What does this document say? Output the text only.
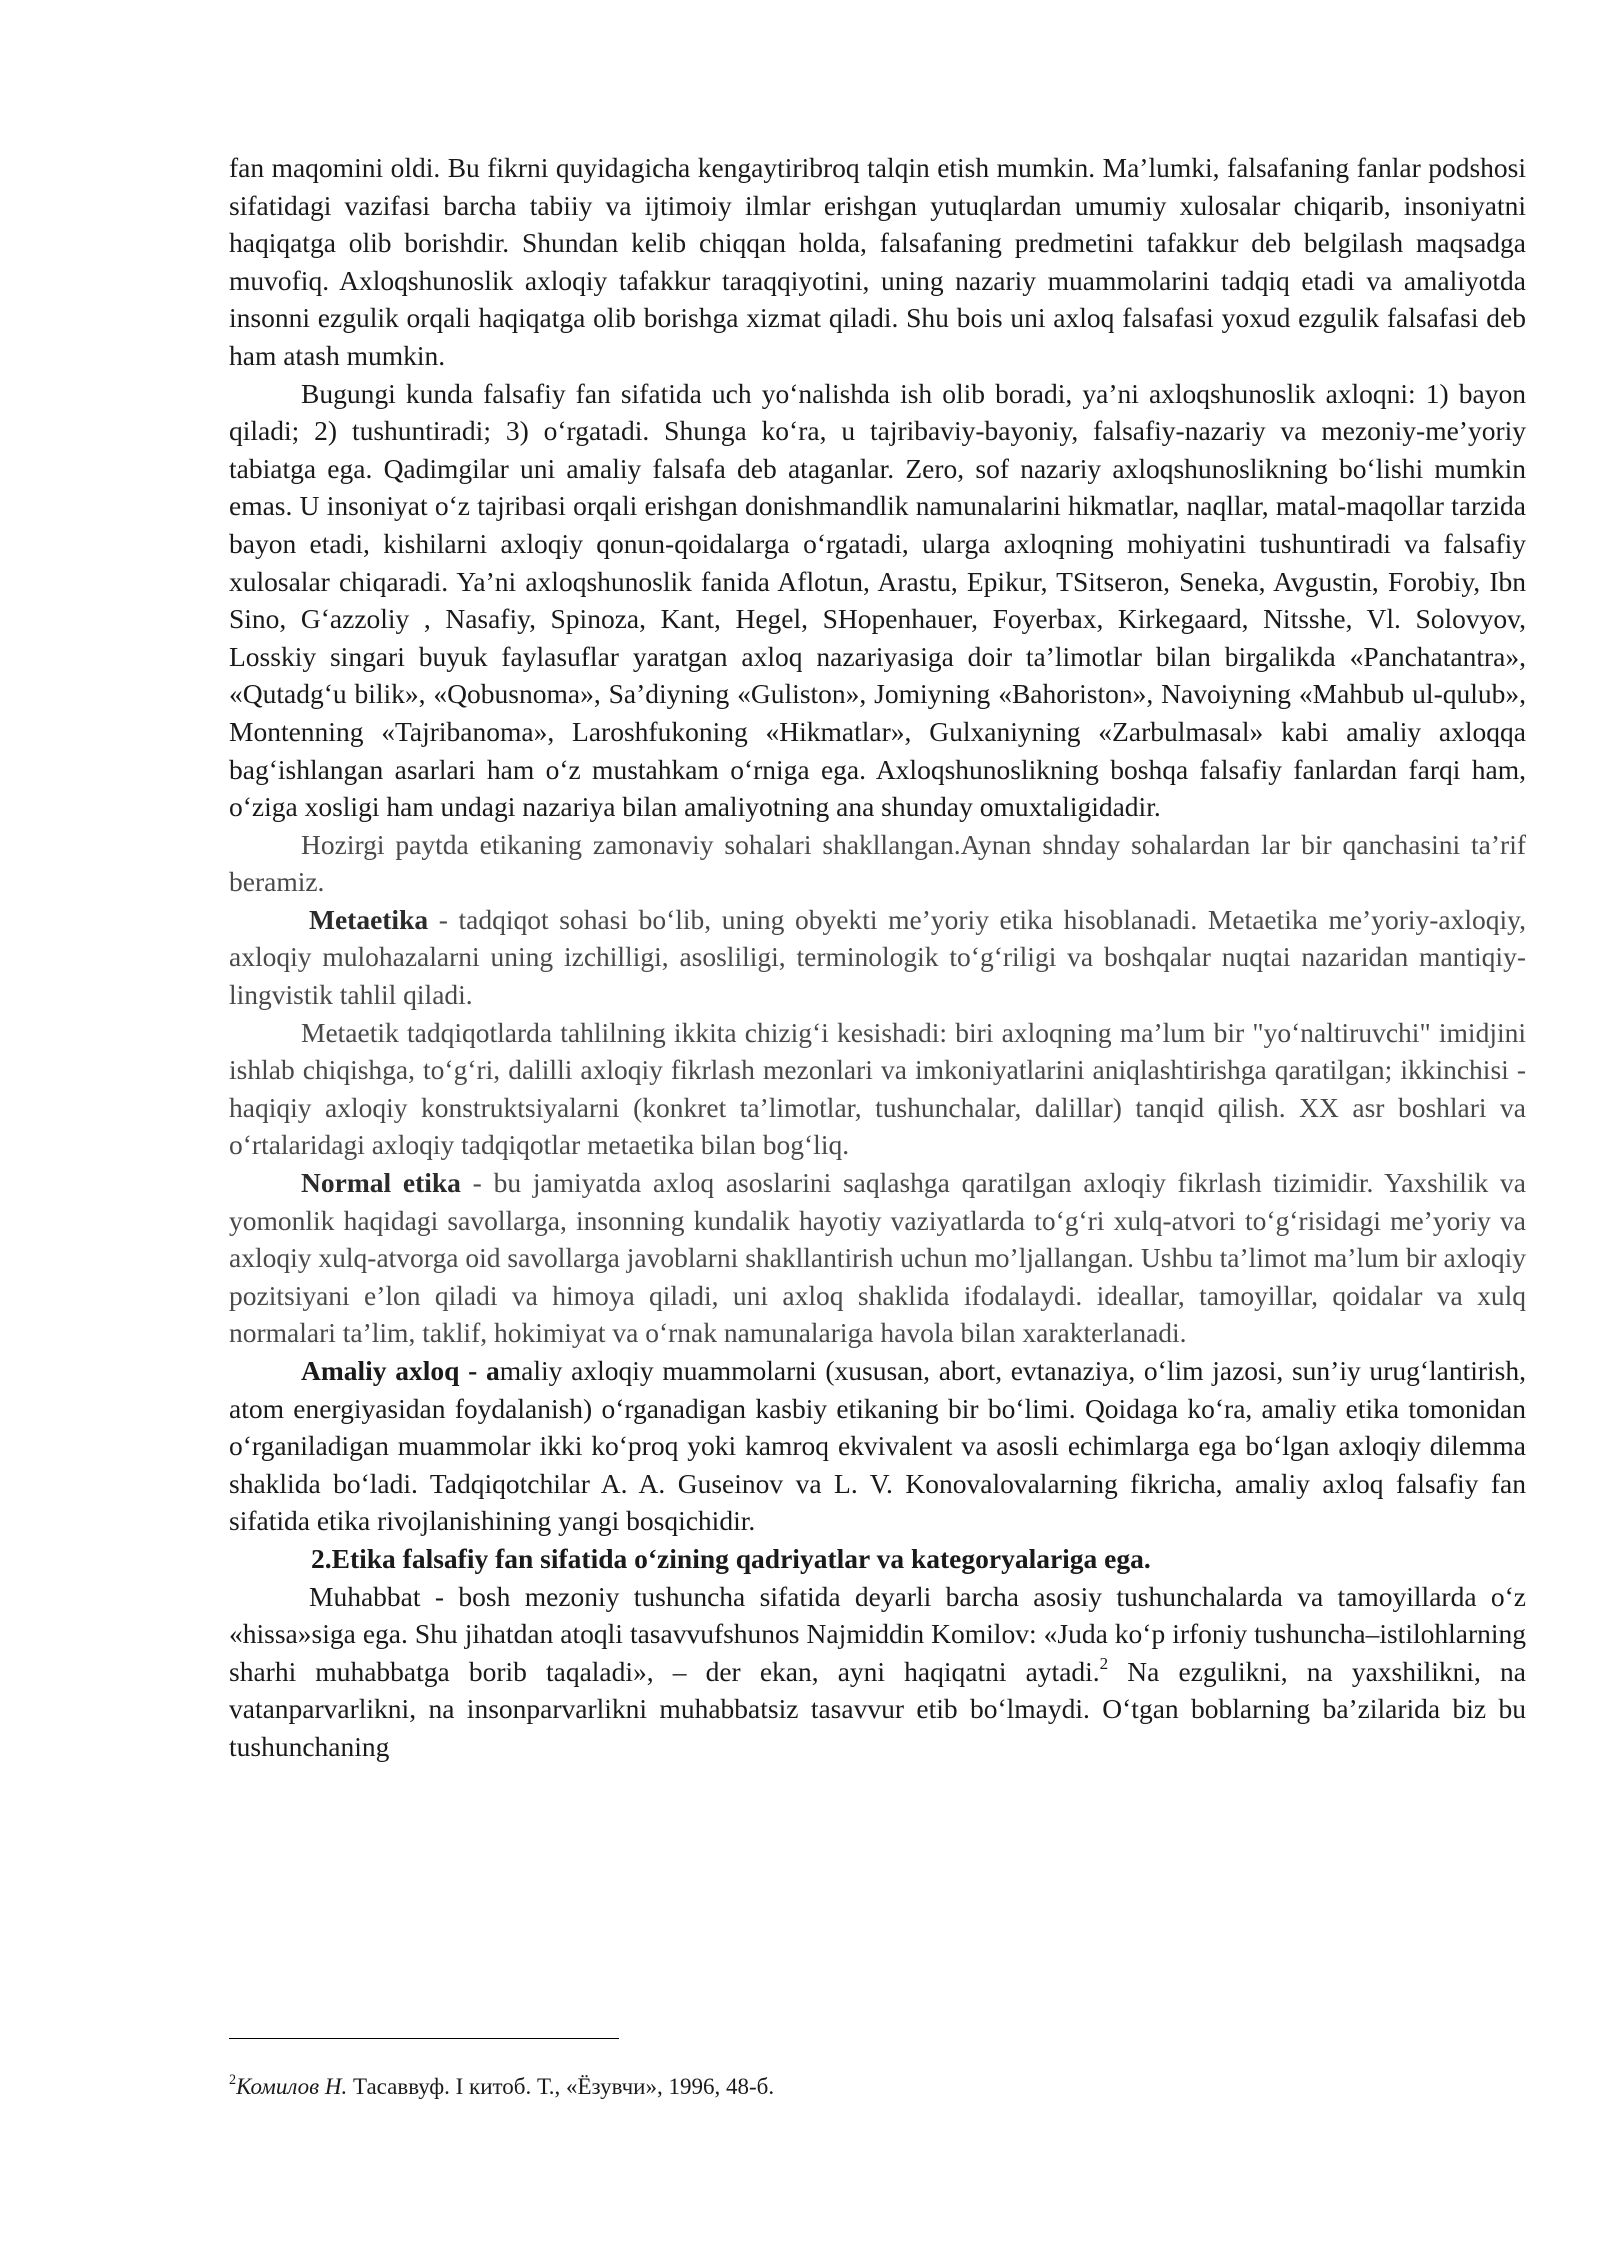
fan maqomini oldi. Bu fikrni quyidagicha kengaytiribroq talqin etish mumkin. Ma’lumki, falsafaning fanlar podshosi sifatidagi vazifasi barcha tabiiy va ijtimoiy ilmlar erishgan yutuqlardan umumiy xulosalar chiqarib, insoniyatni haqiqatga olib borishdir. Shundan kelib chiqqan holda, falsafaning predmetini tafakkur deb belgilash maqsadga muvofiq. Axloqshunoslik axloqiy tafakkur taraqqiyotini, uning nazariy muammolarini tadqiq etadi va amaliyotda insonni ezgulik orqali haqiqatga olib borishga xizmat qiladi. Shu bois uni axloq falsafasi yoxud ezgulik falsafasi deb ham atash mumkin.

Bugungi kunda falsafiy fan sifatida uch yo‘nalishda ish olib boradi, ya’ni axloqshunoslik axloqni: 1) bayon qiladi; 2) tushuntiradi; 3) o‘rgatadi. Shunga ko‘ra, u tajribaviy-bayoniy, falsafiy-nazariy va mezoniy-me’yoriy tabiatga ega. Qadimgilar uni amaliy falsafa deb ataganlar. Zero, sof nazariy axloqshunoslikning bo‘lishi mumkin emas. U insoniyat o‘z tajribasi orqali erishgan donishmandlik namunalarini hikmatlar, naqllar, matal-maqollar tarzida bayon etadi, kishilarni axloqiy qonun-qoidalarga o‘rgatadi, ularga axloqning mohiyatini tushuntiradi va falsafiy xulosalar chiqaradi. Ya’ni axloqshunoslik fanida Aflotun, Arastu, Epikur, TSitseron, Seneka, Avgustin, Forobiy, Ibn Sino, G‘azzoliy , Nasafiy, Spinoza, Kant, Hegel, SHopenhauer, Foyerbax, Kirkegaard, Nitsshe, Vl. Solovyov, Losskiy singari buyuk faylasuflar yaratgan axloq nazariyasiga doir ta’limotlar bilan birgalikda «Panchatantra», «Qutadg‘u bilik», «Qobusnoma», Sa’diyning «Guliston», Jomiyning «Bahoriston», Navoiyning «Mahbub ul-qulub», Montenning «Tajribanoma», Laroshfukoning «Hikmatlar», Gulxaniyning «Zarbulmasal» kabi amaliy axloqqa bag‘ishlangan asarlari ham o‘z mustahkam o‘rniga ega. Axloqshunoslikning boshqa falsafiy fanlardan farqi ham, o‘ziga xosligi ham undagi nazariya bilan amaliyotning ana shunday omuxtaligidadir.

Hozirgi paytda etikaning zamonaviy sohalari shakllangan.Aynan shnday sohalardan lar bir qanchasini ta’rif beramiz.

Metaetika - tadqiqot sohasi bo‘lib, uning obyekti me’yoriy etika hisoblanadi. Metaetika me’yoriy-axloqiy, axloqiy mulohazalarni uning izchilligi, asosliligi, terminologik to‘g‘riligi va boshqalar nuqtai nazaridan mantiqiy-lingvistik tahlil qiladi.

Metaetik tadqiqotlarda tahlilning ikkita chizig‘i kesishadi: biri axloqning ma’lum bir "yo‘naltiruvchi" imidjini ishlab chiqishga, to‘g‘ri, dalilli axloqiy fikrlash mezonlari va imkoniyatlarini aniqlashtirishga qaratilgan; ikkinchisi - haqiqiy axloqiy konstruktsiyalarni (konkret ta’limotlar, tushunchalar, dalillar) tanqid qilish. XX asr boshlari va o‘rtalaridagi axloqiy tadqiqotlar metaetika bilan bog‘liq.

Normal etika - bu jamiyatda axloq asoslarini saqlashga qaratilgan axloqiy fikrlash tizimidir. Yaxshilik va yomonlik haqidagi savollarga, insonning kundalik hayotiy vaziyatlarda to‘g‘ri xulq-atvori to‘g‘risidagi me’yoriy va axloqiy xulq-atvorga oid savollarga javoblarni shakllantirish uchun mo’ljallangan. Ushbu ta’limot ma’lum bir axloqiy pozitsiyani e’lon qiladi va himoya qiladi, uni axloq shaklida ifodalaydi. ideallar, tamoyillar, qoidalar va xulq normalari ta’lim, taklif, hokimiyat va o‘rnak namunalariga havola bilan xarakterlanadi.

Amaliy axloq - amaliy axloqiy muammolarni (xususan, abort, evtanaziya, o‘lim jazosi, sun’iy urug‘lantirish, atom energiyasidan foydalanish) o‘rganadigan kasbiy etikaning bir bo‘limi. Qoidaga ko‘ra, amaliy etika tomonidan o‘rganiladigan muammolar ikki ko‘proq yoki kamroq ekvivalent va asosli echimlarga ega bo‘lgan axloqiy dilemma shaklida bo‘ladi. Tadqiqotchilar A. A. Guseinov va L. V. Konovalovalarning fikricha, amaliy axloq falsafiy fan sifatida etika rivojlanishining yangi bosqichidir.

2.Etika falsafiy fan sifatida o‘zining qadriyatlar va kategoryalariga ega.

Muhabbat - bosh mezoniy tushuncha sifatida deyarli barcha asosiy tushunchalarda va tamoyillarda o‘z «hissa»siga ega. Shu jihatdan atoqli tasavvufshunos Najmiddin Komilov: «Juda ko‘p irfoniy tushuncha–istilohlarning sharhi muhabbatga borib taqaladi», – der ekan, ayni haqiqatni aytadi.$^2$ Na ezgulikni, na yaxshilikni, na vatanparvarlikni, na insonparvarlikni muhabbatsiz tasavvur etib bo‘lmaydi. O‘tgan boblarning ba’zilarida biz bu tushunchaning

$^2$Комилов Н. Тасаввуф. I китоб. Т., «Ёзувчи», 1996, 48-б.
